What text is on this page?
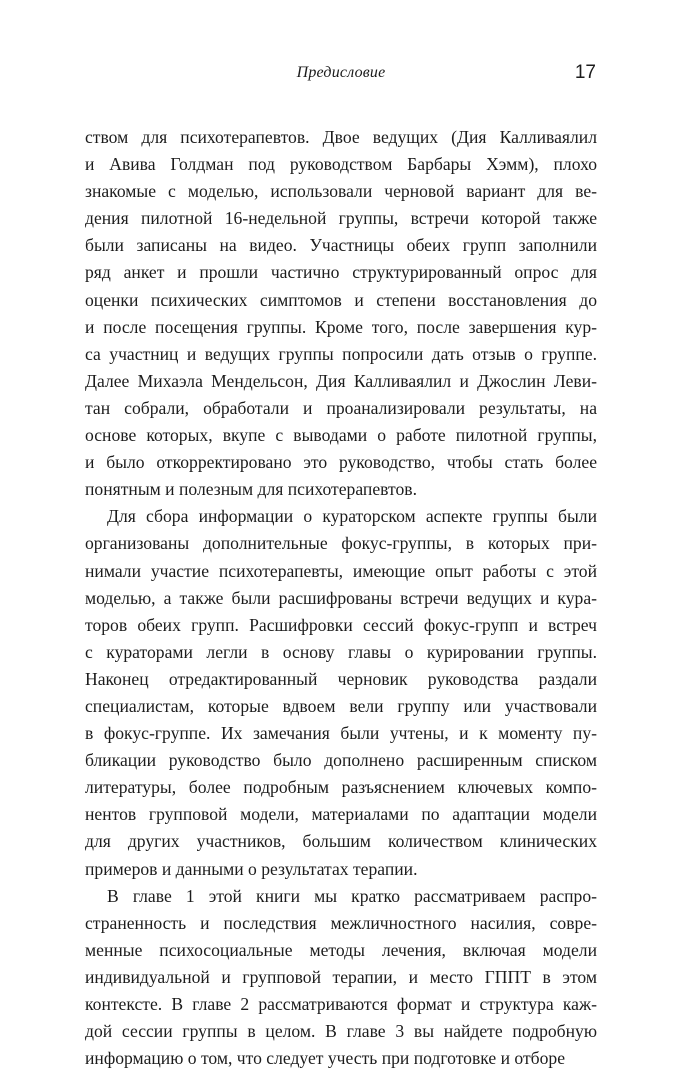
Предисловие	17
ством для психотерапевтов. Двое ведущих (Дия Калливаялил
и Авива Голдман под руководством Барбары Хэмм), плохо
знакомые с моделью, использовали черновой вариант для ве-
дения пилотной 16-недельной группы, встречи которой также
были записаны на видео. Участницы обеих групп заполнили
ряд анкет и прошли частично структурированный опрос для
оценки психических симптомов и степени восстановления до
и после посещения группы. Кроме того, после завершения кур-
са участниц и ведущих группы попросили дать отзыв о группе.
Далее Михаэла Мендельсон, Дия Калливаялил и Джослин Леви-
тан собрали, обработали и проанализировали результаты, на
основе которых, вкупе с выводами о работе пилотной группы,
и было откорректировано это руководство, чтобы стать более
понятным и полезным для психотерапевтов.
Для сбора информации о кураторском аспекте группы были
организованы дополнительные фокус-группы, в которых при-
нимали участие психотерапевты, имеющие опыт работы с этой
моделью, а также были расшифрованы встречи ведущих и кура-
торов обеих групп. Расшифровки сессий фокус-групп и встреч
с кураторами легли в основу главы о курировании группы.
Наконец отредактированный черновик руководства раздали
специалистам, которые вдвоем вели группу или участвовали
в фокус-группе. Их замечания были учтены, и к моменту пу-
бликации руководство было дополнено расширенным списком
литературы, более подробным разъяснением ключевых компо-
нентов групповой модели, материалами по адаптации модели
для других участников, большим количеством клинических
примеров и данными о результатах терапии.
В главе 1 этой книги мы кратко рассматриваем распро-
страненность и последствия межличностного насилия, совре-
менные психосоциальные методы лечения, включая модели
индивидуальной и групповой терапии, и место ГППТ в этом
контексте. В главе 2 рассматриваются формат и структура каж-
дой сессии группы в целом. В главе 3 вы найдете подробную
информацию о том, что следует учесть при подготовке и отборе
